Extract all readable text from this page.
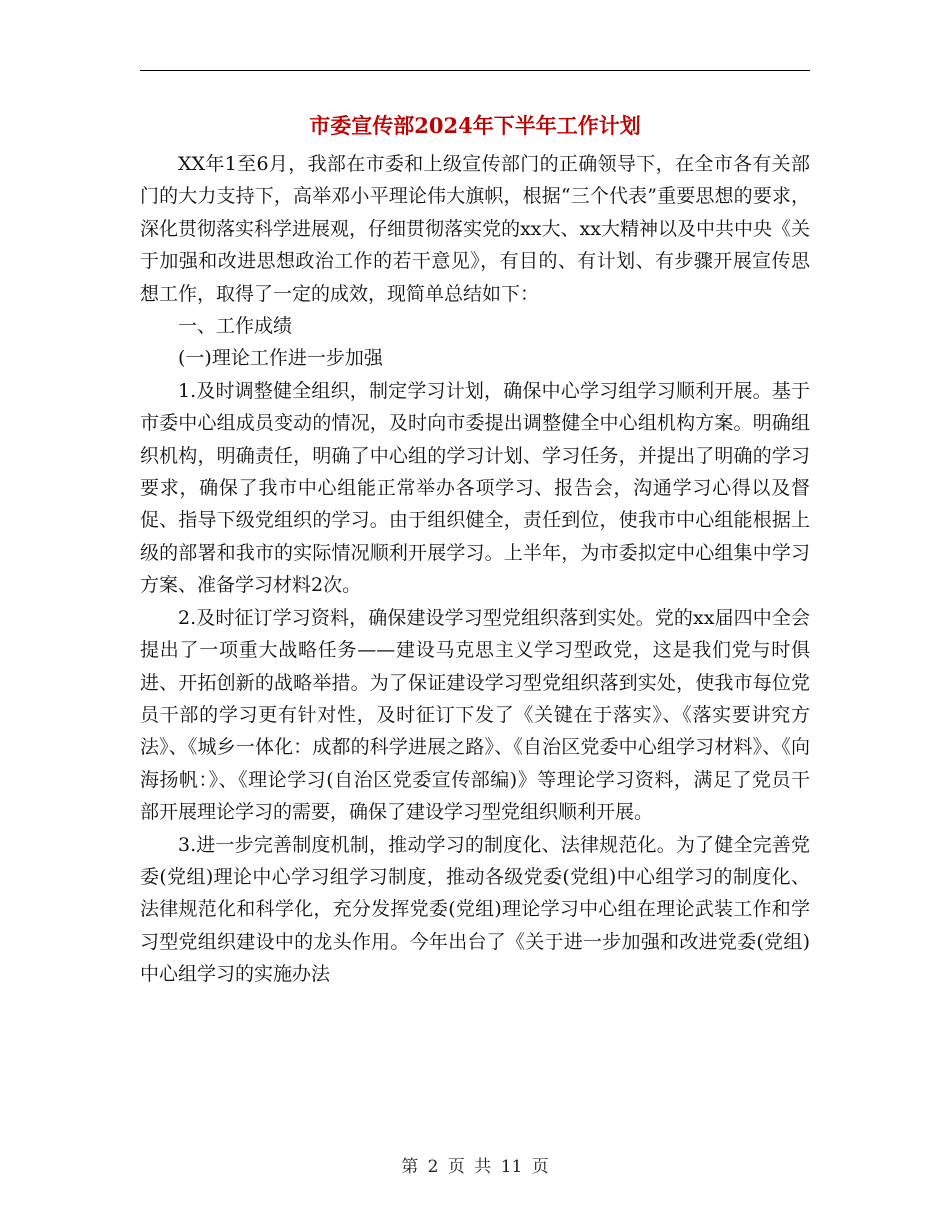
市委宣传部2024年下半年工作计划

XX年1至6月，我部在市委和上级宣传部门的正确领导下，在全市各有关部门的大力支持下，高举邓小平理论伟大旗帜，根据“三个代表”重要思想的要求，深化贯彻落实科学进展观，仔细贯彻落实党的xx大、xx大精神以及中共中央《关于加强和改进思想政治工作的若干意见》，有目的、有计划、有步骤开展宣传思想工作，取得了一定的成效，现简单总结如下：

一、工作成绩

(一)理论工作进一步加强

1.及时调整健全组织，制定学习计划，确保中心学习组学习顺利开展。基于市委中心组成员变动的情况，及时向市委提出调整健全中心组机构方案。明确组织机构，明确责任，明确了中心组的学习计划、学习任务，并提出了明确的学习要求，确保了我市中心组能正常举办各项学习、报告会，沟通学习心得以及督促、指导下级党组织的学习。由于组织健全，责任到位，使我市中心组能根据上级的部署和我市的实际情况顺利开展学习。上半年，为市委拟定中心组集中学习方案、准备学习材料2次。

2.及时征订学习资料，确保建设学习型党组织落到实处。党的xx届四中全会提出了一项重大战略任务——建设马克思主义学习型政党，这是我们党与时俱进、开拓创新的战略举措。为了保证建设学习型党组织落到实处，使我市每位党员干部的学习更有针对性，及时征订下发了《关键在于落实》、《落实要讲究方法》、《城乡一体化：成都的科学进展之路》、《自治区党委中心组学习材料》、《向海扬帆：》、《理论学习(自治区党委宣传部编)》等理论学习资料，满足了党员干部开展理论学习的需要，确保了建设学习型党组织顺利开展。

3.进一步完善制度机制，推动学习的制度化、法律规范化。为了健全完善党委(党组)理论中心学习组学习制度，推动各级党委(党组)中心组学习的制度化、法律规范化和科学化，充分发挥党委(党组)理论学习中心组在理论武装工作和学习型党组织建设中的龙头作用。今年出台了《关于进一步加强和改进党委(党组)中心组学习的实施办法

第 2 页 共 11 页
